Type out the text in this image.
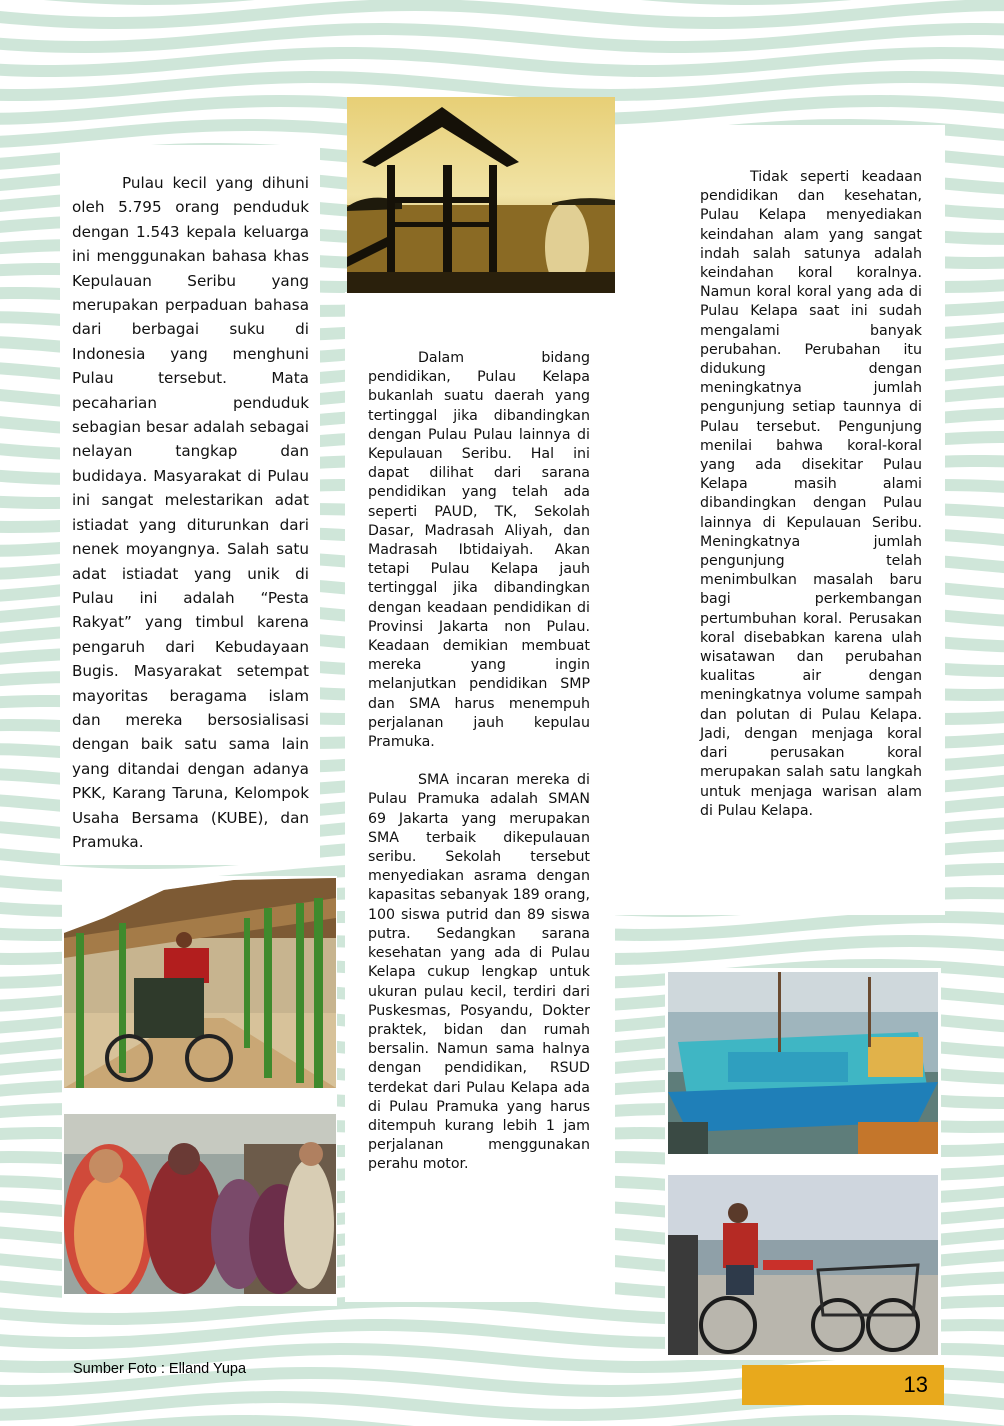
Pulau kecil yang dihuni oleh 5.795 orang penduduk dengan 1.543 kepala keluarga ini menggunakan bahasa khas Kepulauan Seribu yang merupakan perpaduan bahasa dari berbagai suku di Indonesia yang menghuni Pulau tersebut. Mata pecaharian penduduk sebagian besar adalah sebagai nelayan tangkap dan budidaya. Masyarakat di Pulau ini sangat melestarikan adat istiadat yang diturunkan dari nenek moyangnya. Salah satu adat istiadat yang unik di Pulau ini adalah “Pesta Rakyat” yang timbul karena pengaruh dari Kebudayaan Bugis. Masyarakat setempat mayoritas beragama islam dan mereka bersosialisasi dengan baik satu sama lain yang ditandai dengan adanya PKK, Karang Taruna, Kelompok Usaha Bersama (KUBE), dan Pramuka.

Dalam bidang pendidikan, Pulau Kelapa bukanlah suatu daerah yang tertinggal jika dibandingkan dengan Pulau Pulau lainnya di Kepulauan Seribu. Hal ini dapat dilihat dari sarana pendidikan yang telah ada seperti PAUD, TK, Sekolah Dasar, Madrasah Aliyah, dan Madrasah Ibtidaiyah. Akan tetapi Pulau Kelapa jauh tertinggal jika dibandingkan dengan keadaan pendidikan di Provinsi Jakarta non Pulau. Keadaan demikian membuat mereka yang ingin melanjutkan pendidikan SMP dan SMA harus menempuh perjalanan jauh kepulau Pramuka.

SMA incaran mereka di Pulau Pramuka adalah SMAN 69 Jakarta yang merupakan SMA terbaik dikepulauan seribu. Sekolah tersebut menyediakan asrama dengan kapasitas sebanyak 189 orang, 100 siswa putrid dan 89 siswa putra. Sedangkan sarana kesehatan yang ada di Pulau Kelapa cukup lengkap untuk ukuran pulau kecil, terdiri dari Puskesmas, Posyandu, Dokter praktek, bidan dan rumah bersalin. Namun sama halnya dengan pendidikan, RSUD terdekat dari Pulau Kelapa ada di Pulau Pramuka yang harus ditempuh kurang lebih 1 jam perjalanan menggunakan perahu motor.

Tidak seperti keadaan pendidikan dan kesehatan, Pulau Kelapa menyediakan keindahan alam yang sangat indah salah satunya adalah keindahan koral koralnya. Namun koral koral yang ada di Pulau Kelapa saat ini sudah mengalami banyak perubahan. Perubahan itu didukung dengan meningkatnya jumlah pengunjung setiap taunnya di Pulau tersebut. Pengunjung menilai bahwa koral-koral yang ada disekitar Pulau Kelapa masih alami dibandingkan dengan Pulau lainnya di Kepulauan Seribu. Meningkatnya jumlah pengunjung telah menimbulkan masalah baru bagi perkembangan pertumbuhan koral. Perusakan koral disebabkan karena ulah wisatawan dan perubahan kualitas air dengan meningkatnya volume sampah dan polutan di Pulau Kelapa. Jadi, dengan menjaga koral dari perusakan koral merupakan salah satu langkah untuk menjaga warisan alam di Pulau Kelapa.

Sumber Foto : Elland Yupa
13
